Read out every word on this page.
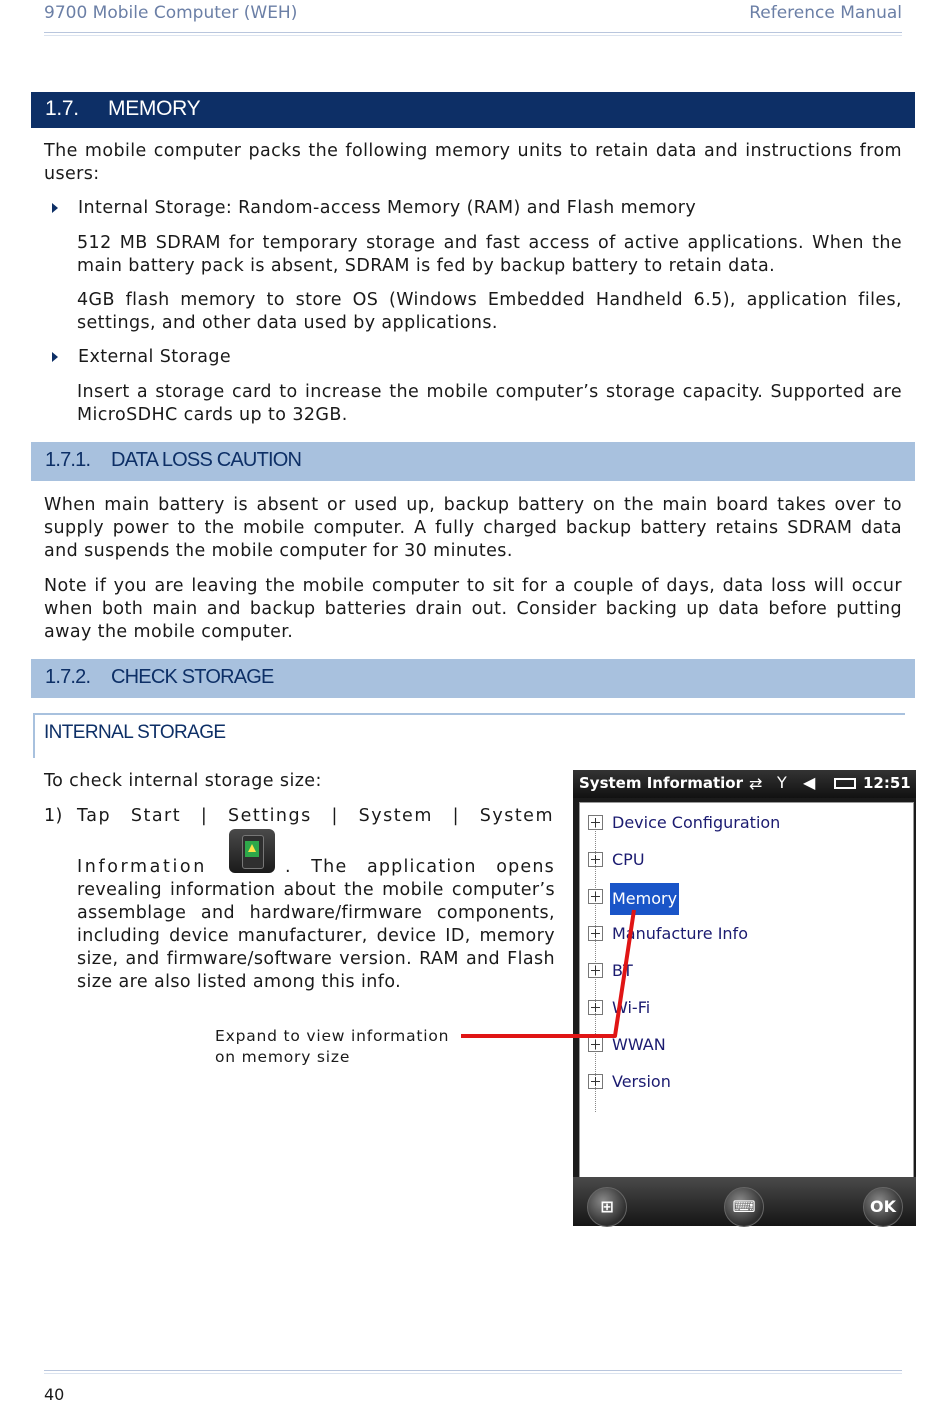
9700 Mobile Computer (WEH)	Reference Manual
1.7. MEMORY
The mobile computer packs the following memory units to retain data and instructions from users:
Internal Storage: Random-access Memory (RAM) and Flash memory
512 MB SDRAM for temporary storage and fast access of active applications. When the main battery pack is absent, SDRAM is fed by backup battery to retain data.
4GB flash memory to store OS (Windows Embedded Handheld 6.5), application files, settings, and other data used by applications.
External Storage
Insert a storage card to increase the mobile computer’s storage capacity. Supported are MicroSDHC cards up to 32GB.
1.7.1. DATA LOSS CAUTION
When main battery is absent or used up, backup battery on the main board takes over to supply power to the mobile computer. A fully charged backup battery retains SDRAM data and suspends the mobile computer for 30 minutes.
Note if you are leaving the mobile computer to sit for a couple of days, data loss will occur when both main and backup batteries drain out. Consider backing up data before putting away the mobile computer.
1.7.2. CHECK STORAGE
INTERNAL STORAGE
To check internal storage size:
1) Tap Start | Settings | System | System
Information	. The application opens
revealing information about the mobile computer’s assemblage and hardware/firmware components, including device manufacturer, device ID, memory size, and firmware/software version. RAM and Flash size are also listed among this info.
Expand to view information
on memory size
System Informatior ⇄ Y ◀	12:51
Device Configuration
CPU
Memory
Manufacture Info
BT
Wi-Fi
WWAN
Version
⊞	⌨	OK
40
